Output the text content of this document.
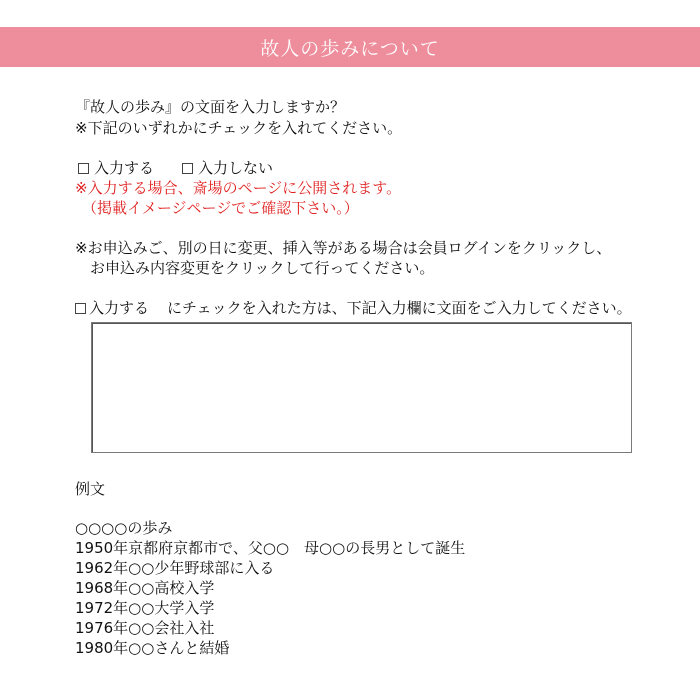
故人の歩みについて
『故人の歩み』の文面を入力しますか？
※下記のいずれかにチェックを入れてください。
入力する	入力しない
※入力する場合、斎場のページに公開されます。
（掲載イメージページでご確認下さい。）
※お申込みご、別の日に変更、挿入等がある場合は会員ログインをクリックし、
お申込み内容変更をクリックして行ってください。
入力する にチェックを入れた方は、下記入力欄に文面をご入力してください。
例文
○○○○の歩み
1950年京都府京都市で、父○○　母○○の長男として誕生
1962年○○少年野球部に入る
1968年○○高校入学
1972年○○大学入学
1976年○○会社入社
1980年○○さんと結婚
